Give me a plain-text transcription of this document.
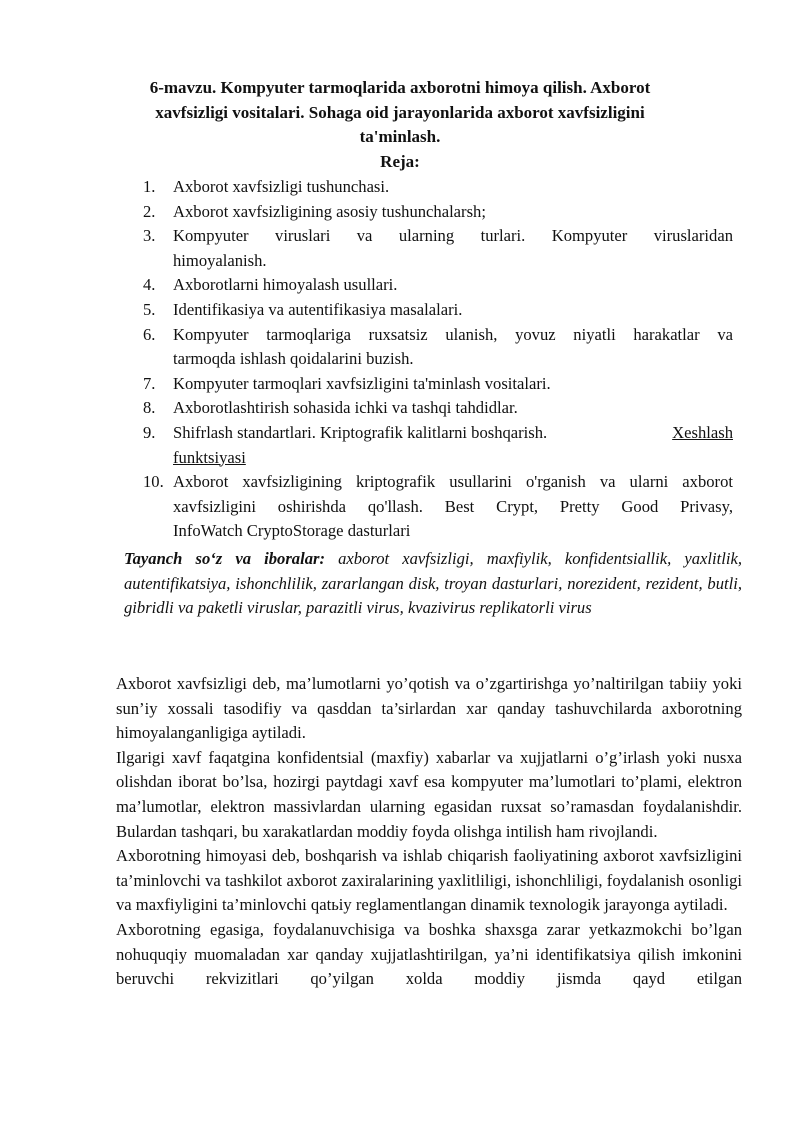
6-mavzu. Kompyuter tarmoqlarida axborotni himoya qilish. Axborot
xavfsizligi vositalari. Sohaga oid jarayonlarida axborot xavfsizligini
ta'minlash.
Reja:
1.	Axborot xavfsizligi tushunchasi.
2.	Axborot xavfsizligining asosiy tushunchalarsh;
3.	Kompyuter viruslari va ularning turlari. Kompyuter viruslaridan
himoyalanish.
4.	Axborotlarni himoyalash usullari.
5.	Identifikasiya va autentifikasiya masalalari.
6.	Kompyuter tarmoqlariga ruxsatsiz ulanish, yovuz niyatli harakatlar va
tarmoqda ishlash qoidalarini buzish.
7.	Kompyuter tarmoqlari xavfsizligini ta'minlash vositalari.
8.	Axborotlashtirish sohasida ichki va tashqi tahdidlar.
9.	Shifrlash standartlari. Kriptografik kalitlarni boshqarish.	Xeshlash
funktsiyasi
10. Axborot xavfsizligining kriptografik usullarini o'rganish va ularni axborot
xavfsizligini oshirishda qo'llash. Best Crypt, Pretty Good Privasy,
InfoWatch CryptoStorage dasturlari
Tayanch so‘z va iboralar: axborot xavfsizligi, maxfiylik, konfidentsiallik, yaxlitlik, autentifikatsiya, ishonchlilik, zararlangan disk, troyan dasturlari, norezident, rezident, butli, gibridli va paketli viruslar, parazitli virus, kvazivirus replikatorli virus

Axborot xavfsizligi deb, ma’lumotlarni yo’qotish va o’zgartirishga yo’naltirilgan tabiiy yoki sun’iy xossali tasodifiy va qasddan ta’sirlardan xar qanday tashuvchilarda axborotning himoyalanganligiga aytiladi.

Ilgarigi xavf faqatgina konfidentsial (maxfiy) xabarlar va xujjatlarni o’g’irlash yoki nusxa olishdan iborat bo’lsa, hozirgi paytdagi xavf esa kompyuter ma’lumotlari to’plami, elektron ma’lumotlar, elektron massivlardan ularning egasidan ruxsat so’ramasdan foydalanishdir. Bulardan tashqari, bu xarakatlardan moddiy foyda olishga intilish ham rivojlandi.

Axborotning himoyasi deb, boshqarish va ishlab chiqarish faoliyatining axborot xavfsizligini ta’minlovchi va tashkilot axborot zaxiralarining yaxlitliligi, ishonchliligi, foydalanish osonligi va maxfiyligini ta’minlovchi qatьiy reglamentlangan dinamik texnologik jarayonga aytiladi.

Axborotning egasiga, foydalanuvchisiga va boshka shaxsga zarar yetkazmokchi bo’lgan nohuquqiy muomaladan xar qanday xujjatlashtirilgan, ya’ni identifikatsiya qilish imkonini beruvchi rekvizitlari qo’yilgan xolda moddiy jismda qayd etilgan
